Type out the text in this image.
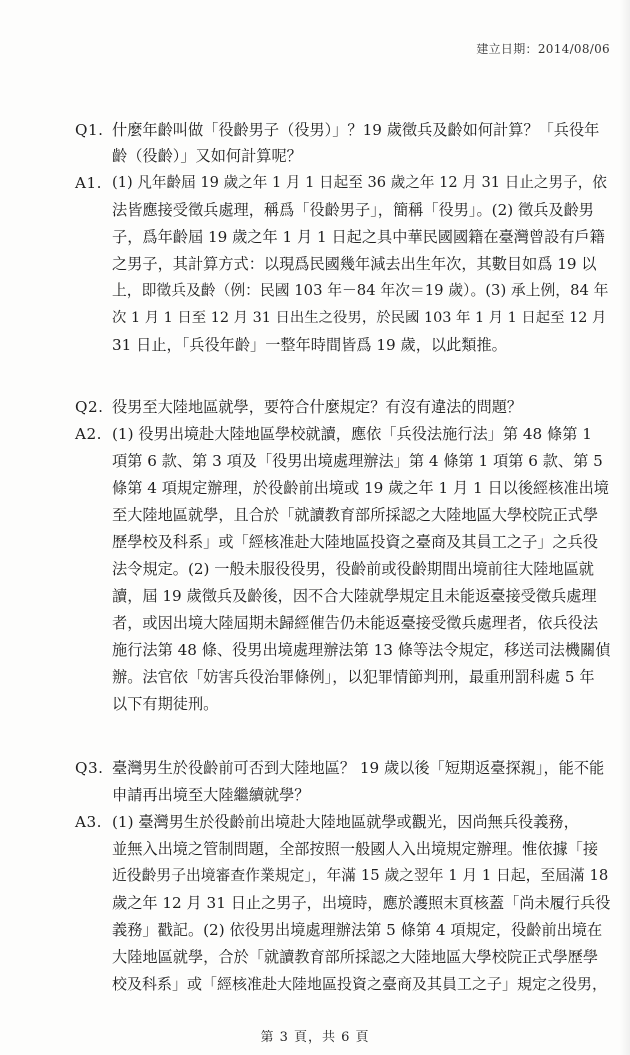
建立日期：2014/08/06
Q1. 什麼年齡叫做「役齡男子（役男）」？19 歲徵兵及齡如何計算？「兵役年
齡（役齡）」又如何計算呢？
A1. (1) 凡年齡屆 19 歲之年 1 月 1 日起至 36 歲之年 12 月 31 日止之男子，依
法皆應接受徵兵處理，稱爲「役齡男子」，簡稱「役男」。(2) 徵兵及齡男
子，爲年齡屆 19 歲之年 1 月 1 日起之具中華民國國籍在臺灣曾設有戶籍
之男子，其計算方式：以現爲民國幾年減去出生年次，其數目如爲 19 以
上，即徵兵及齡（例：民國 103 年－84 年次＝19 歲）。(3) 承上例，84 年
次 1 月 1 日至 12 月 31 日出生之役男，於民國 103 年 1 月 1 日起至 12 月
31 日止，「兵役年齡」一整年時間皆爲 19 歲，以此類推。
Q2. 役男至大陸地區就學，要符合什麼規定？有沒有違法的問題？
A2. (1) 役男出境赴大陸地區學校就讀，應依「兵役法施行法」第 48 條第 1
項第 6 款、第 3 項及「役男出境處理辦法」第 4 條第 1 項第 6 款、第 5
條第 4 項規定辦理，於役齡前出境或 19 歲之年 1 月 1 日以後經核准出境
至大陸地區就學，且合於「就讀教育部所採認之大陸地區大學校院正式學
歷學校及科系」或「經核准赴大陸地區投資之臺商及其員工之子」之兵役
法令規定。(2) 一般未服役役男，役齡前或役齡期間出境前往大陸地區就
讀，屆 19 歲徵兵及齡後，因不合大陸就學規定且未能返臺接受徵兵處理
者，或因出境大陸屆期未歸經催告仍未能返臺接受徵兵處理者，依兵役法
施行法第 48 條、役男出境處理辦法第 13 條等法令規定，移送司法機關偵
辦。法官依「妨害兵役治罪條例」，以犯罪情節判刑，最重刑罰科處 5 年
以下有期徒刑。
Q3. 臺灣男生於役齡前可否到大陸地區？ 19 歲以後「短期返臺探親」，能不能
申請再出境至大陸繼續就學？
A3. (1) 臺灣男生於役齡前出境赴大陸地區就學或觀光，因尚無兵役義務，
並無入出境之管制問題，全部按照一般國人入出境規定辦理。惟依據「接
近役齡男子出境審查作業規定」，年滿 15 歲之翌年 1 月 1 日起，至屆滿 18
歲之年 12 月 31 日止之男子，出境時，應於護照末頁核蓋「尚未履行兵役
義務」戳記。(2) 依役男出境處理辦法第 5 條第 4 項規定，役齡前出境在
大陸地區就學，合於「就讀教育部所採認之大陸地區大學校院正式學歷學
校及科系」或「經核准赴大陸地區投資之臺商及其員工之子」規定之役男，
第 3 頁，共 6 頁
